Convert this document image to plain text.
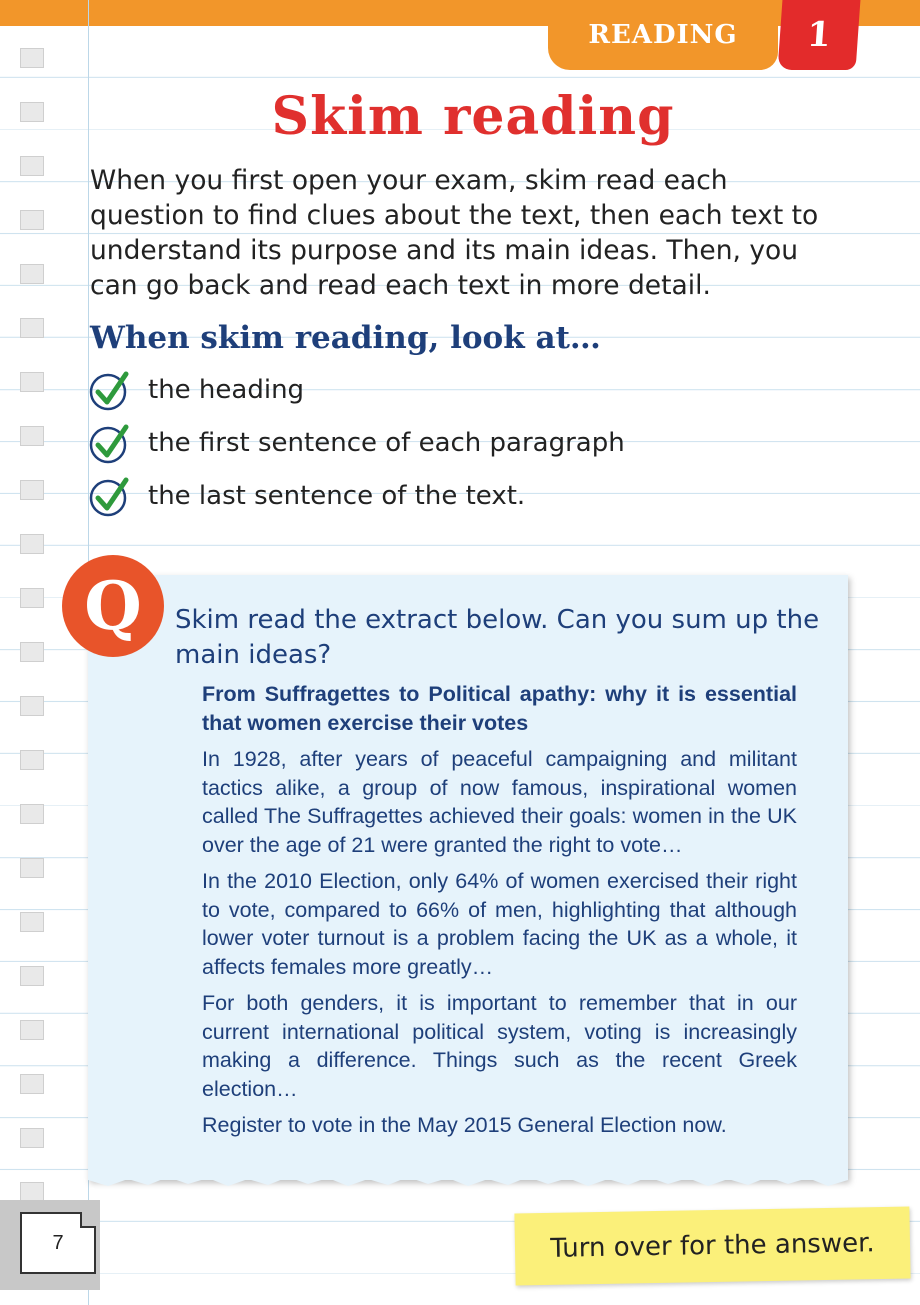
READING 1
Skim reading

When you first open your exam, skim read each question to find clues about the text, then each text to understand its purpose and its main ideas. Then, you can go back and read each text in more detail.

When skim reading, look at…
the heading
the first sentence of each paragraph
the last sentence of the text.
Q Skim read the extract below. Can you sum up the main ideas?

From Suffragettes to Political apathy: why it is essential that women exercise their votes

In 1928, after years of peaceful campaigning and militant tactics alike, a group of now famous, inspirational women called The Suffragettes achieved their goals: women in the UK over the age of 21 were granted the right to vote…

In the 2010 Election, only 64% of women exercised their right to vote, compared to 66% of men, highlighting that although lower voter turnout is a problem facing the UK as a whole, it affects females more greatly…

For both genders, it is important to remember that in our current international political system, voting is increasingly making a difference. Things such as the recent Greek election…

Register to vote in the May 2015 General Election now.

7	Turn over for the answer.
